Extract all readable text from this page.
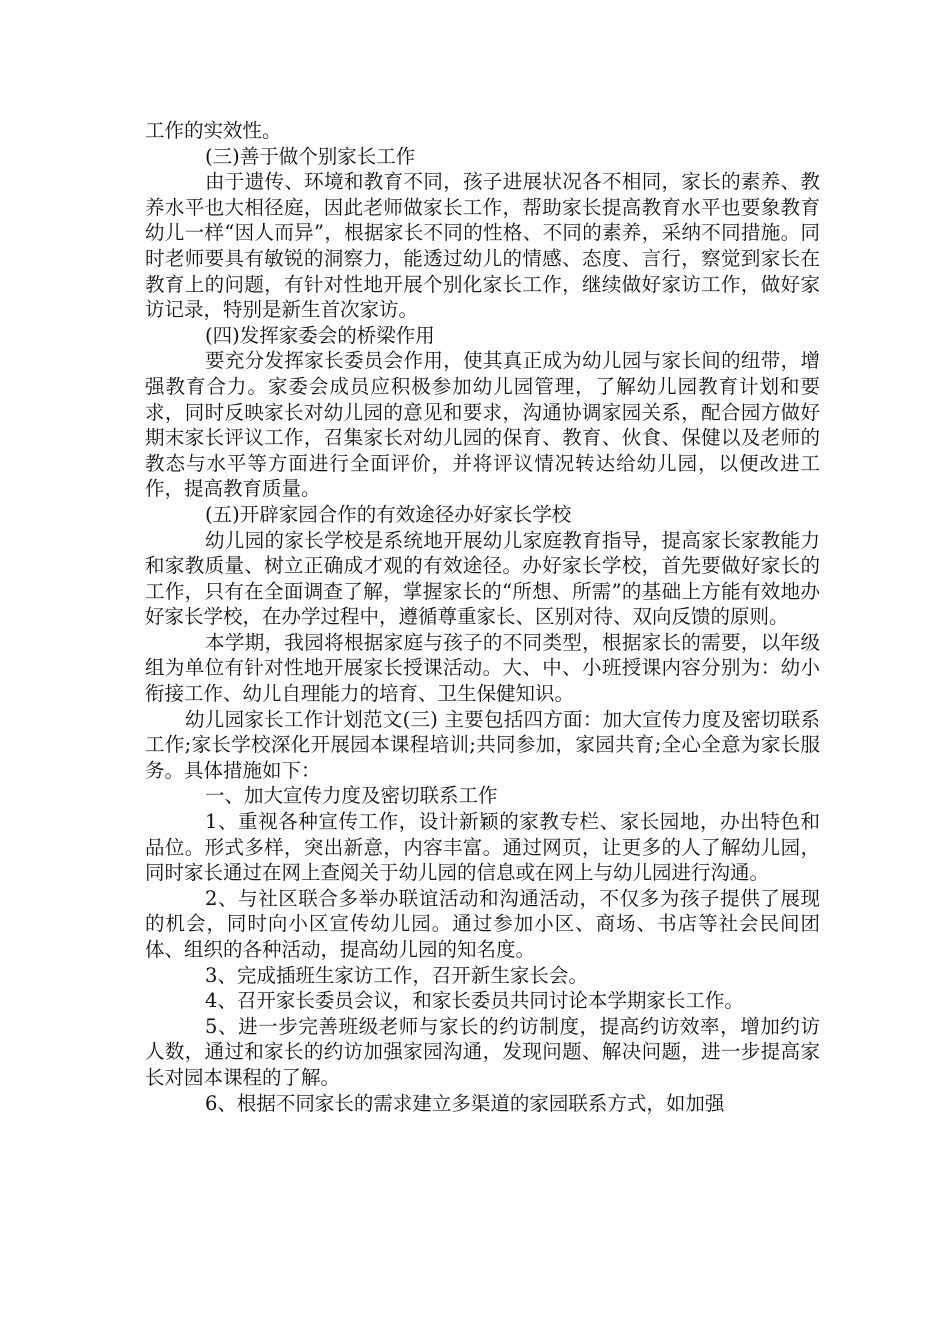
工作的实效性。

(三)善于做个别家长工作

由于遗传、环境和教育不同，孩子进展状况各不相同，家长的素养、教养水平也大相径庭，因此老师做家长工作，帮助家长提高教育水平也要象教育幼儿一样“因人而异”，根据家长不同的性格、不同的素养，采纳不同措施。同时老师要具有敏锐的洞察力，能透过幼儿的情感、态度、言行，察觉到家长在教育上的问题，有针对性地开展个别化家长工作，继续做好家访工作，做好家访记录，特别是新生首次家访。

(四)发挥家委会的桥梁作用

要充分发挥家长委员会作用，使其真正成为幼儿园与家长间的纽带，增强教育合力。家委会成员应积极参加幼儿园管理，了解幼儿园教育计划和要求，同时反映家长对幼儿园的意见和要求，沟通协调家园关系，配合园方做好期末家长评议工作，召集家长对幼儿园的保育、教育、伙食、保健以及老师的教态与水平等方面进行全面评价，并将评议情况转达给幼儿园，以便改进工作，提高教育质量。

(五)开辟家园合作的有效途径办好家长学校

幼儿园的家长学校是系统地开展幼儿家庭教育指导，提高家长家教能力和家教质量、树立正确成才观的有效途径。办好家长学校，首先要做好家长的工作，只有在全面调查了解，掌握家长的“所想、所需”的基础上方能有效地办好家长学校，在办学过程中，遵循尊重家长、区别对待、双向反馈的原则。

本学期，我园将根据家庭与孩子的不同类型，根据家长的需要，以年级组为单位有针对性地开展家长授课活动。大、中、小班授课内容分别为：幼小衔接工作、幼儿自理能力的培育、卫生保健知识。

幼儿园家长工作计划范文(三) 主要包括四方面：加大宣传力度及密切联系工作;家长学校深化开展园本课程培训;共同参加，家园共育;全心全意为家长服务。具体措施如下：

一、加大宣传力度及密切联系工作

1、重视各种宣传工作，设计新颖的家教专栏、家长园地，办出特色和品位。形式多样，突出新意，内容丰富。通过网页，让更多的人了解幼儿园，同时家长通过在网上查阅关于幼儿园的信息或在网上与幼儿园进行沟通。

2、与社区联合多举办联谊活动和沟通活动，不仅多为孩子提供了展现的机会，同时向小区宣传幼儿园。通过参加小区、商场、书店等社会民间团体、组织的各种活动，提高幼儿园的知名度。

3、完成插班生家访工作，召开新生家长会。

4、召开家长委员会议，和家长委员共同讨论本学期家长工作。

5、进一步完善班级老师与家长的约访制度，提高约访效率，增加约访人数，通过和家长的约访加强家园沟通，发现问题、解决问题，进一步提高家长对园本课程的了解。

6、根据不同家长的需求建立多渠道的家园联系方式，如加强
